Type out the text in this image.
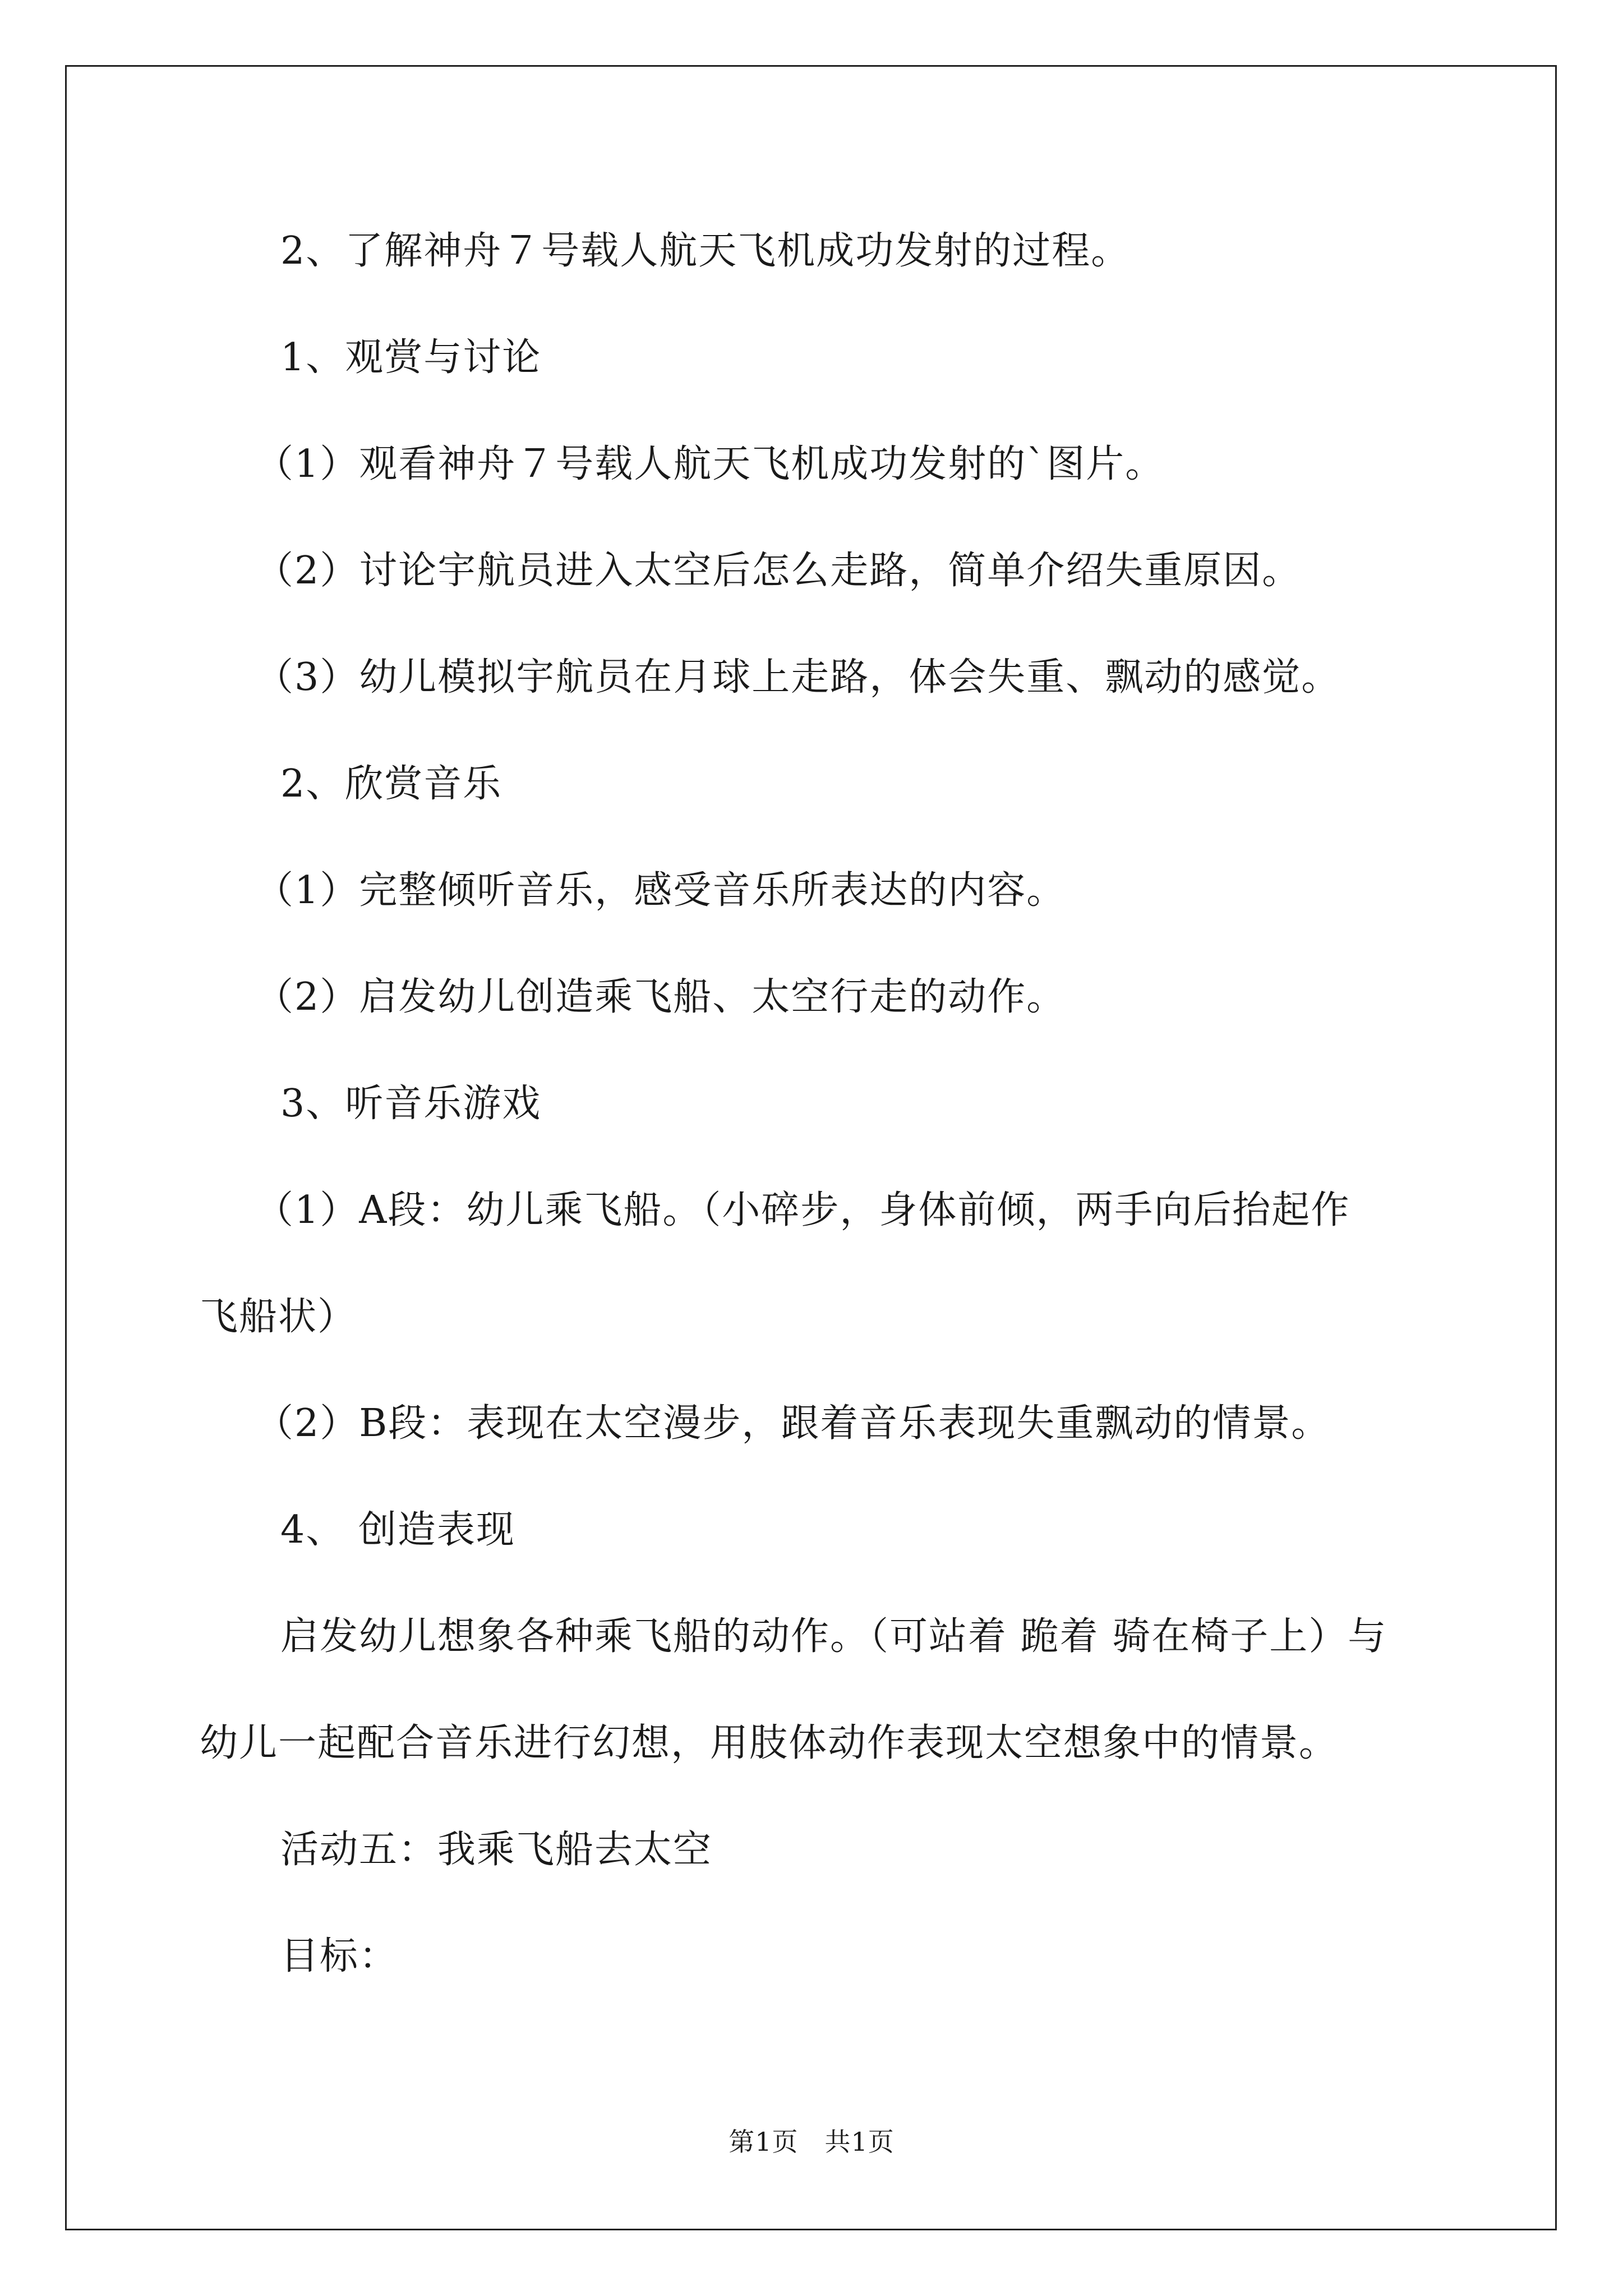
2、了解神舟７号载人航天飞机成功发射的过程。
1、观赏与讨论
（1）观看神舟７号载人航天飞机成功发射的`图片。
（2）讨论宇航员进入太空后怎么走路，简单介绍失重原因。
（3）幼儿模拟宇航员在月球上走路，体会失重、飘动的感觉。
2、欣赏音乐
（1）完整倾听音乐，感受音乐所表达的内容。
（2）启发幼儿创造乘飞船、太空行走的动作。
3、听音乐游戏
（1）A段：幼儿乘飞船。（小碎步，身体前倾，两手向后抬起作
飞船状）
（2）B段：表现在太空漫步，跟着音乐表现失重飘动的情景。
4、 创造表现
启发幼儿想象各种乘飞船的动作。（可站着 跪着 骑在椅子上）与
幼儿一起配合音乐进行幻想，用肢体动作表现太空想象中的情景。
活动五：我乘飞船去太空
目标：
第1页　共1页
